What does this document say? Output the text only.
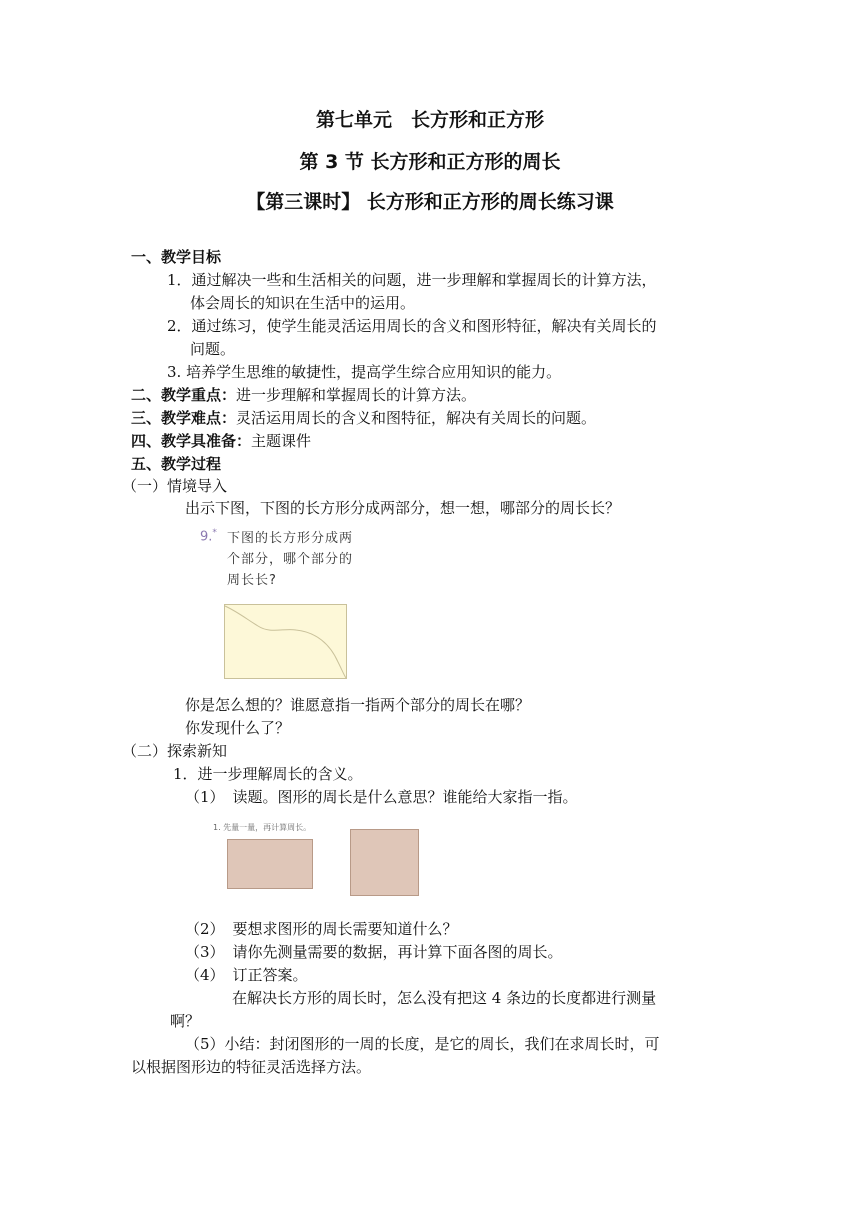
第七单元　长方形和正方形
第 3 节 长方形和正方形的周长
【第三课时】 长方形和正方形的周长练习课
一、教学目标
1．通过解决一些和生活相关的问题，进一步理解和掌握周长的计算方法，
体会周长的知识在生活中的运用。
2．通过练习，使学生能灵活运用周长的含义和图形特征，解决有关周长的
问题。
3. 培养学生思维的敏捷性，提高学生综合应用知识的能力。
二、教学重点：进一步理解和掌握周长的计算方法。
三、教学难点：灵活运用周长的含义和图特征，解决有关周长的问题。
四、教学具准备：主题课件
五、教学过程
（一）情境导入
出示下图，下图的长方形分成两部分，想一想，哪部分的周长长？
9.* 下图的长方形分成两
个部分，哪个部分的
周长长?
你是怎么想的？谁愿意指一指两个部分的周长在哪？
你发现什么了？
（二）探索新知
1．进一步理解周长的含义。
（1） 读题。图形的周长是什么意思？谁能给大家指一指。
1. 先量一量，再计算周长。
（2） 要想求图形的周长需要知道什么？
（3） 请你先测量需要的数据，再计算下面各图的周长。
（4） 订正答案。
在解决长方形的周长时，怎么没有把这 4 条边的长度都进行测量
啊？
（5）小结：封闭图形的一周的长度，是它的周长，我们在求周长时，可
以根据图形边的特征灵活选择方法。
